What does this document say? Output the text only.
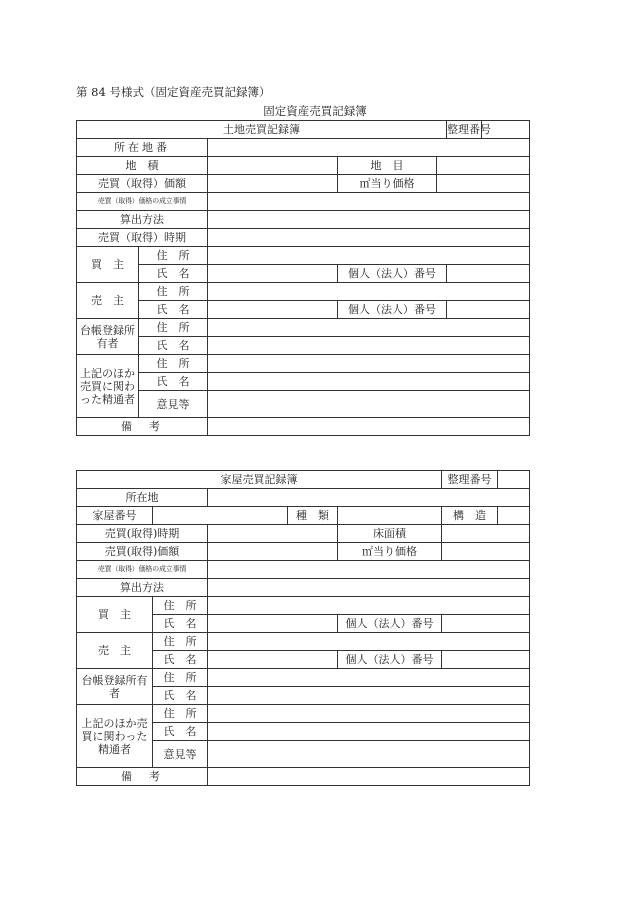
第 84 号様式（固定資産売買記録簿）
固定資産売買記録簿
土地売買記録簿					整理番号	
所在地番						
地　積			地　目			
売買（取得）価額			㎡当り価格			
売買（取得）価格の成立事情						
算出方法						
売買（取得）時期						
買　主	住　所					
	氏　名		個人（法人）番号			
売　主	住　所					
	氏　名		個人（法人）番号			
台帳登録所有者	住　所					
	氏　名					
上記のほか売買に関わった精通者	住　所					
	氏　名					
	意見等					
備　考						
家屋売買記録簿					整理番号	
所在地						
家屋番号			種　類		構　造	
売買(取得)時期				床面積		
売買(取得)価額				㎡当り価格		
売買（取得）価格の成立事情						
算出方法						
買　主	住　所					
	氏　名			個人（法人）番号		
売　主	住　所					
	氏　名			個人（法人）番号		
台帳登録所有者	住　所					
	氏　名					
上記のほか売買に関わった精通者	住　所					
	氏　名					
	意見等					
備　考						
